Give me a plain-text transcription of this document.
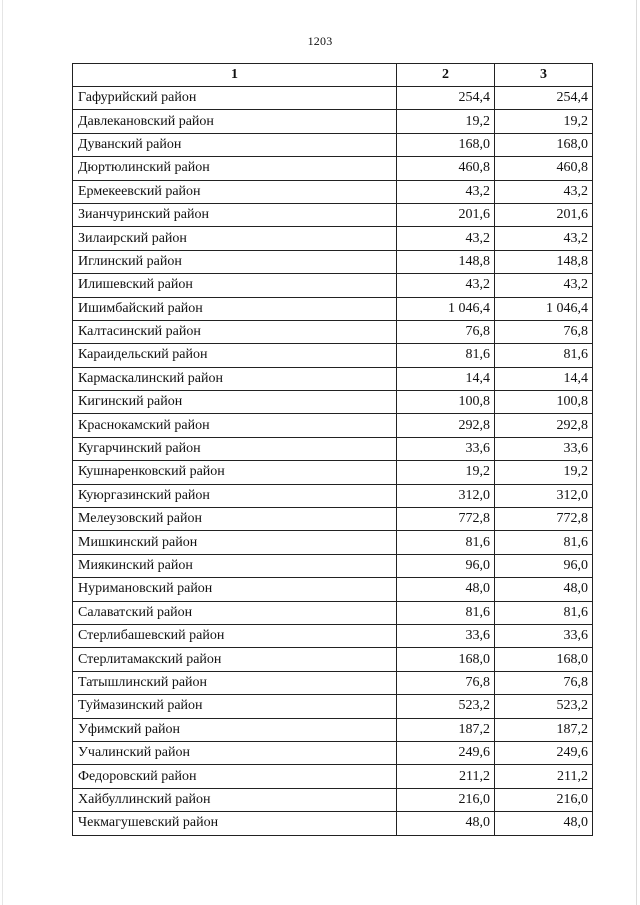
1203
1	2	3
Гафурийский район	254,4	254,4
Давлекановский район	19,2	19,2
Дуванский район	168,0	168,0
Дюртюлинский район	460,8	460,8
Ермекеевский район	43,2	43,2
Зианчуринский район	201,6	201,6
Зилаирский район	43,2	43,2
Иглинский район	148,8	148,8
Илишевский район	43,2	43,2
Ишимбайский район	1 046,4	1 046,4
Калтасинский район	76,8	76,8
Караидельский район	81,6	81,6
Кармаскалинский район	14,4	14,4
Кигинский район	100,8	100,8
Краснокамский район	292,8	292,8
Кугарчинский район	33,6	33,6
Кушнаренковский район	19,2	19,2
Куюргазинский район	312,0	312,0
Мелеузовский район	772,8	772,8
Мишкинский район	81,6	81,6
Миякинский район	96,0	96,0
Нуримановский район	48,0	48,0
Салаватский район	81,6	81,6
Стерлибашевский район	33,6	33,6
Стерлитамакский район	168,0	168,0
Татышлинский район	76,8	76,8
Туймазинский район	523,2	523,2
Уфимский район	187,2	187,2
Учалинский район	249,6	249,6
Федоровский район	211,2	211,2
Хайбуллинский район	216,0	216,0
Чекмагушевский район	48,0	48,0
